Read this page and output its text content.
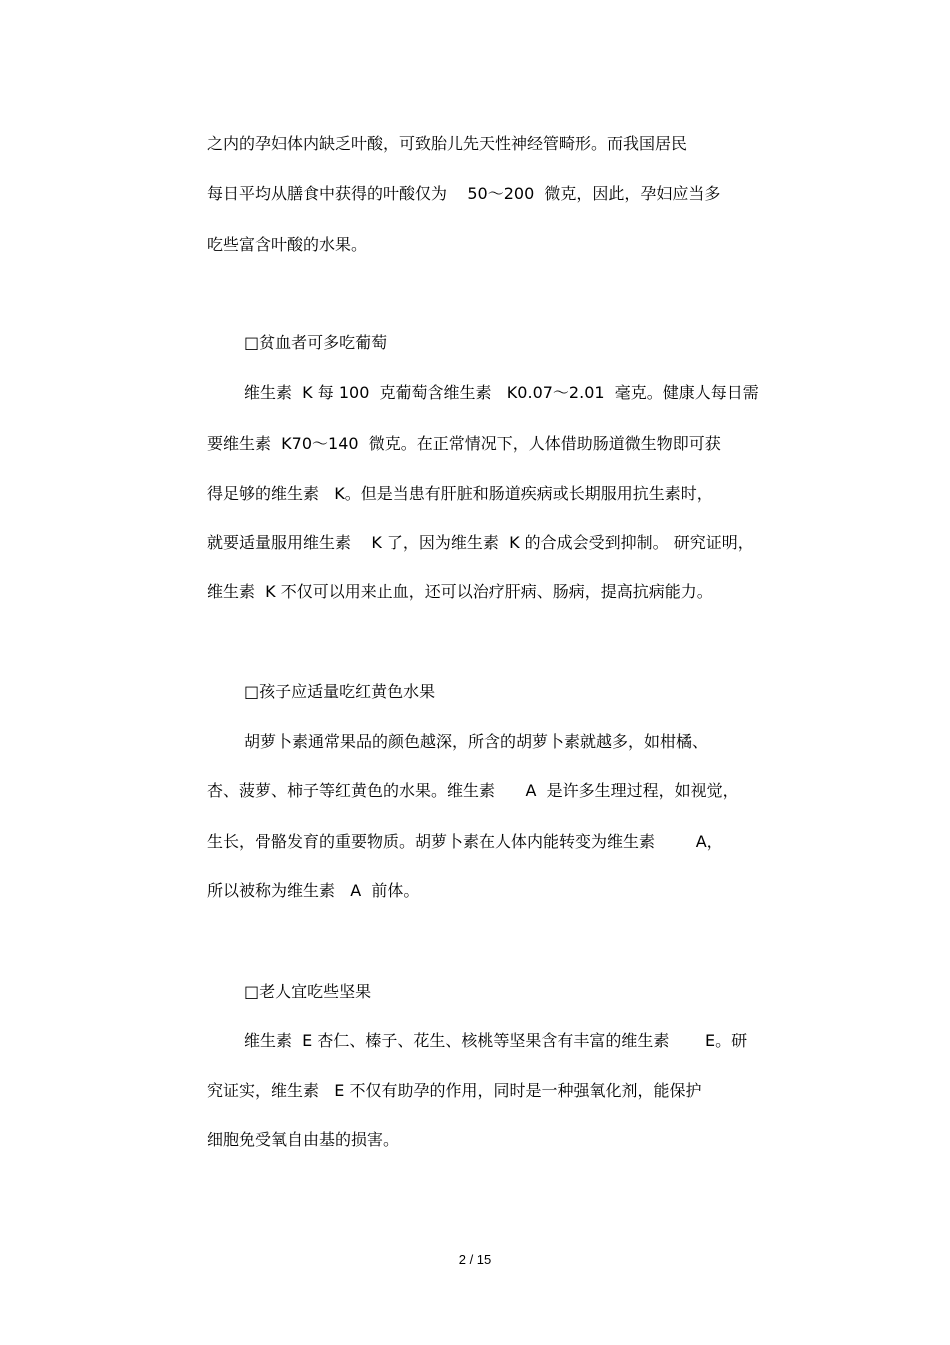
之内的孕妇体内缺乏叶酸，可致胎儿先天性神经管畸形。而我国居民
每日平均从膳食中获得的叶酸仅为    50～200  微克，因此，孕妇应当多
吃些富含叶酸的水果。
□贫血者可多吃葡萄
维生素  K 每 100  克葡萄含维生素   K0.07～2.01  毫克。健康人每日需
要维生素  K70～140  微克。在正常情况下，人体借助肠道微生物即可获
得足够的维生素   K。但是当患有肝脏和肠道疾病或长期服用抗生素时，
就要适量服用维生素    K 了，因为维生素  K 的合成会受到抑制。 研究证明，
维生素  K 不仅可以用来止血，还可以治疗肝病、肠病，提高抗病能力。
□孩子应适量吃红黄色水果
胡萝卜素通常果品的颜色越深，所含的胡萝卜素就越多，如柑橘、
杏、菠萝、柿子等红黄色的水果。维生素      A  是许多生理过程，如视觉，
生长，骨骼发育的重要物质。胡萝卜素在人体内能转变为维生素        A，
所以被称为维生素   A  前体。
□老人宜吃些坚果
维生素  E 杏仁、榛子、花生、核桃等坚果含有丰富的维生素       E。研
究证实，维生素   E 不仅有助孕的作用，同时是一种强氧化剂，能保护
细胞免受氧自由基的损害。
2 / 15
